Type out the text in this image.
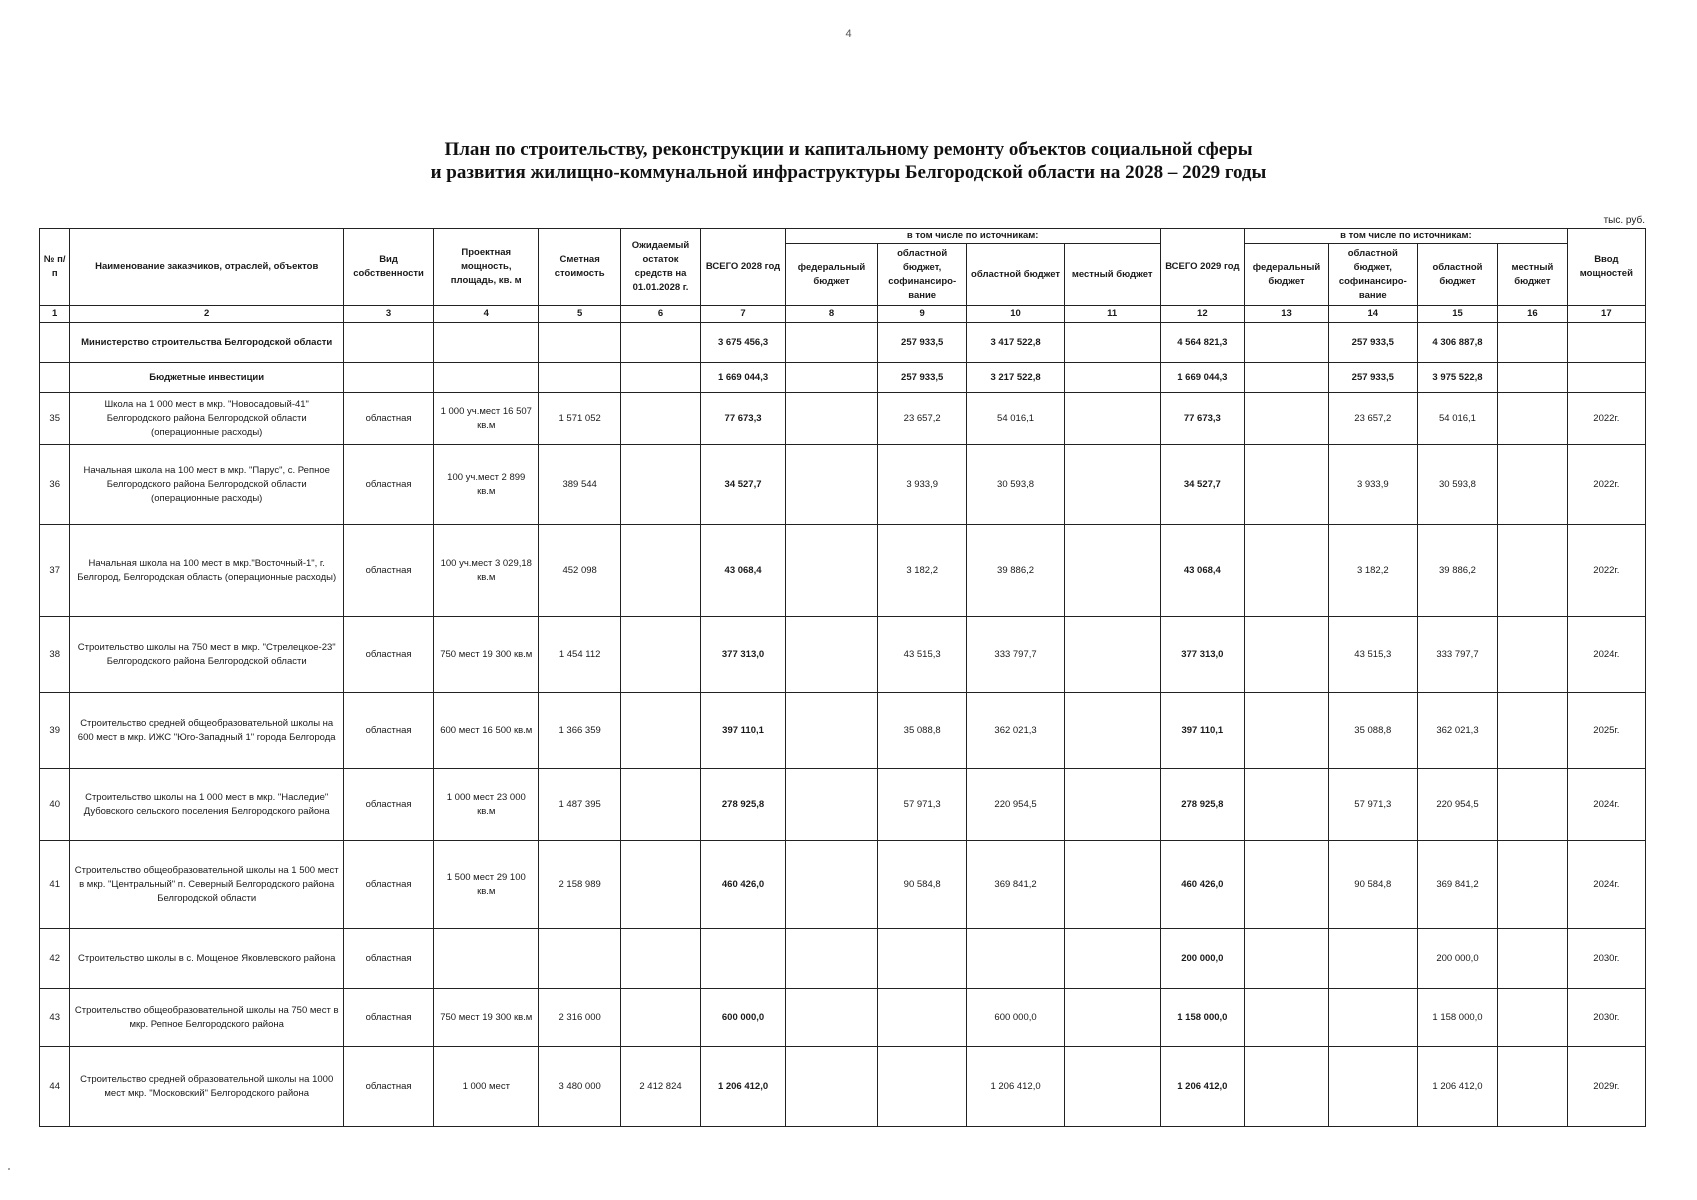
4
План по строительству, реконструкции и капитальному ремонту объектов социальной сферы
и развития жилищно-коммунальной инфраструктуры Белгородской области на 2028 – 2029 годы
тыс. руб.
№ п/п	Наименование заказчиков, отраслей, объектов	Вид собственности	Проектная мощность, площадь, кв. м	Сметная стоимость	Ожидаемый остаток средств на 01.01.2028 г.	ВСЕГО 2028 год	в том числе по источникам:				ВСЕГО 2029 год	в том числе по источникам:				Ввод мощностей
							федеральный бюджет	областной бюджет, софинансиро-вание	областной бюджет	местный бюджет		федеральный бюджет	областной бюджет, софинансиро-вание	областной бюджет	местный бюджет	
1	2	3	4	5	6	7	8	9	10	11	12	13	14	15	16	17
	Министерство строительства Белгородской области					3 675 456,3		257 933,5	3 417 522,8		4 564 821,3		257 933,5	4 306 887,8		
	Бюджетные инвестиции					1 669 044,3		257 933,5	3 217 522,8		1 669 044,3		257 933,5	3 975 522,8		
35	Школа на 1 000 мест в мкр. "Новосадовый-41" Белгородского района Белгородской области (операционные расходы)	областная	1 000 уч.мест 16 507 кв.м	1 571 052		77 673,3		23 657,2	54 016,1		77 673,3		23 657,2	54 016,1		2022г.
36	Начальная школа на 100 мест в мкр. "Парус", с. Репное Белгородского района Белгородской области (операционные расходы)	областная	100 уч.мест 2 899 кв.м	389 544		34 527,7		3 933,9	30 593,8		34 527,7		3 933,9	30 593,8		2022г.
37	Начальная школа на 100 мест в мкр."Восточный-1", г. Белгород, Белгородская область (операционные расходы)	областная	100 уч.мест 3 029,18 кв.м	452 098		43 068,4		3 182,2	39 886,2		43 068,4		3 182,2	39 886,2		2022г.
38	Строительство школы на 750 мест в мкр. "Стрелецкое-23" Белгородского района Белгородской области	областная	750 мест 19 300 кв.м	1 454 112		377 313,0		43 515,3	333 797,7		377 313,0		43 515,3	333 797,7		2024г.
39	Строительство средней общеобразовательной школы на 600 мест в мкр. ИЖС "Юго-Западный 1" города Белгорода	областная	600 мест 16 500 кв.м	1 366 359		397 110,1		35 088,8	362 021,3		397 110,1		35 088,8	362 021,3		2025г.
40	Строительство школы на 1 000 мест в мкр. "Наследие" Дубовского сельского поселения Белгородского района	областная	1 000 мест 23 000 кв.м	1 487 395		278 925,8		57 971,3	220 954,5		278 925,8		57 971,3	220 954,5		2024г.
41	Строительство общеобразовательной школы на 1 500 мест в мкр. "Центральный" п. Северный Белгородского района Белгородской области	областная	1 500 мест 29 100 кв.м	2 158 989		460 426,0		90 584,8	369 841,2		460 426,0		90 584,8	369 841,2		2024г.
42	Строительство школы в с. Мощеное Яковлевского района	областная									200 000,0			200 000,0		2030г.
43	Строительство общеобразовательной школы на 750 мест в мкр. Репное Белгородского района	областная	750 мест 19 300 кв.м	2 316 000		600 000,0			600 000,0		1 158 000,0			1 158 000,0		2030г.
44	Строительство средней образовательной школы на 1000 мест мкр. "Московский" Белгородского района	областная	1 000 мест	3 480 000	2 412 824	1 206 412,0			1 206 412,0		1 206 412,0			1 206 412,0		2029г.
